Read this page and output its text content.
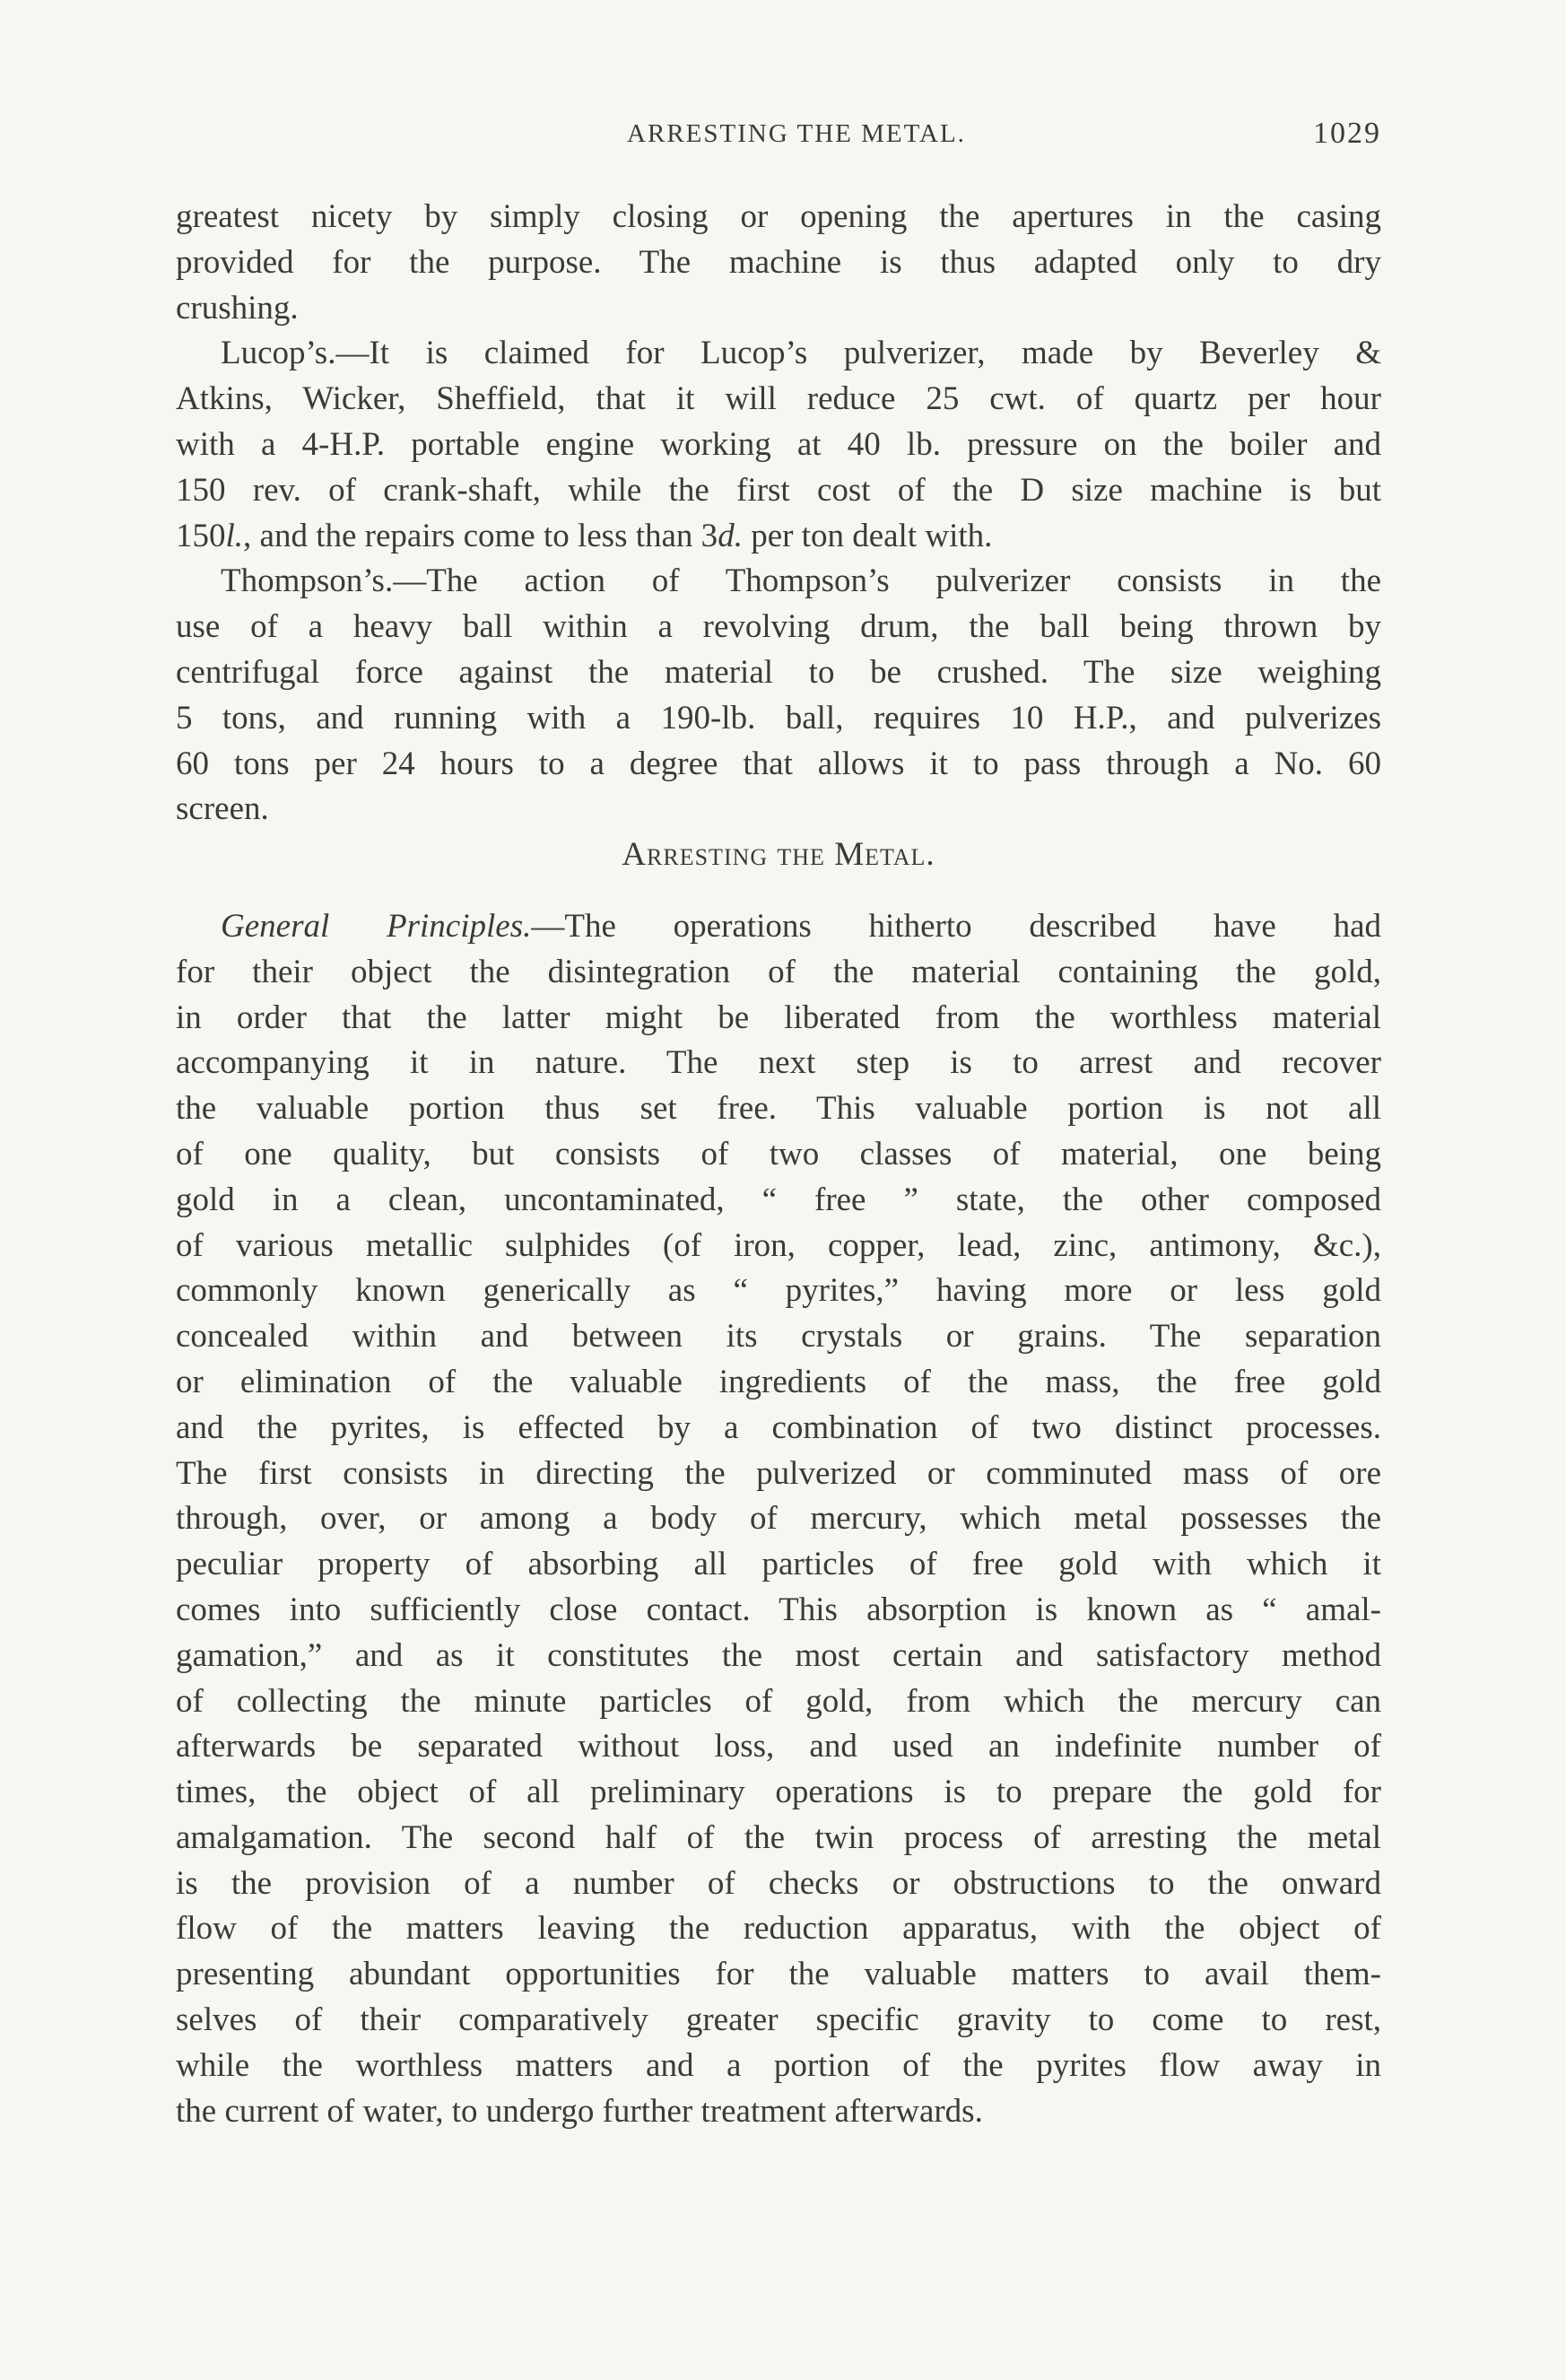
ARRESTING THE METAL.	1029
greatest nicety by simply closing or opening the apertures in the casing
provided for the purpose. The machine is thus adapted only to dry
crushing.
Lucop’s.—It is claimed for Lucop’s pulverizer, made by Beverley &
Atkins, Wicker, Sheffield, that it will reduce 25 cwt. of quartz per hour
with a 4-H.P. portable engine working at 40 lb. pressure on the boiler and
150 rev. of crank-shaft, while the first cost of the D size machine is but
150l., and the repairs come to less than 3d. per ton dealt with.
Thompson’s.—The action of Thompson’s pulverizer consists in the
use of a heavy ball within a revolving drum, the ball being thrown by
centrifugal force against the material to be crushed. The size weighing
5 tons, and running with a 190-lb. ball, requires 10 H.P., and pulverizes
60 tons per 24 hours to a degree that allows it to pass through a No. 60
screen.
Arresting the Metal.
General Principles.—The operations hitherto described have had
for their object the disintegration of the material containing the gold,
in order that the latter might be liberated from the worthless material
accompanying it in nature. The next step is to arrest and recover
the valuable portion thus set free. This valuable portion is not all
of one quality, but consists of two classes of material, one being
gold in a clean, uncontaminated, “ free ” state, the other composed
of various metallic sulphides (of iron, copper, lead, zinc, antimony, &c.),
commonly known generically as “ pyrites,” having more or less gold
concealed within and between its crystals or grains. The separation
or elimination of the valuable ingredients of the mass, the free gold
and the pyrites, is effected by a combination of two distinct processes.
The first consists in directing the pulverized or comminuted mass of ore
through, over, or among a body of mercury, which metal possesses the
peculiar property of absorbing all particles of free gold with which it
comes into sufficiently close contact. This absorption is known as “ amal-
gamation,” and as it constitutes the most certain and satisfactory method
of collecting the minute particles of gold, from which the mercury can
afterwards be separated without loss, and used an indefinite number of
times, the object of all preliminary operations is to prepare the gold for
amalgamation. The second half of the twin process of arresting the metal
is the provision of a number of checks or obstructions to the onward
flow of the matters leaving the reduction apparatus, with the object of
presenting abundant opportunities for the valuable matters to avail them-
selves of their comparatively greater specific gravity to come to rest,
while the worthless matters and a portion of the pyrites flow away in
the current of water, to undergo further treatment afterwards.
